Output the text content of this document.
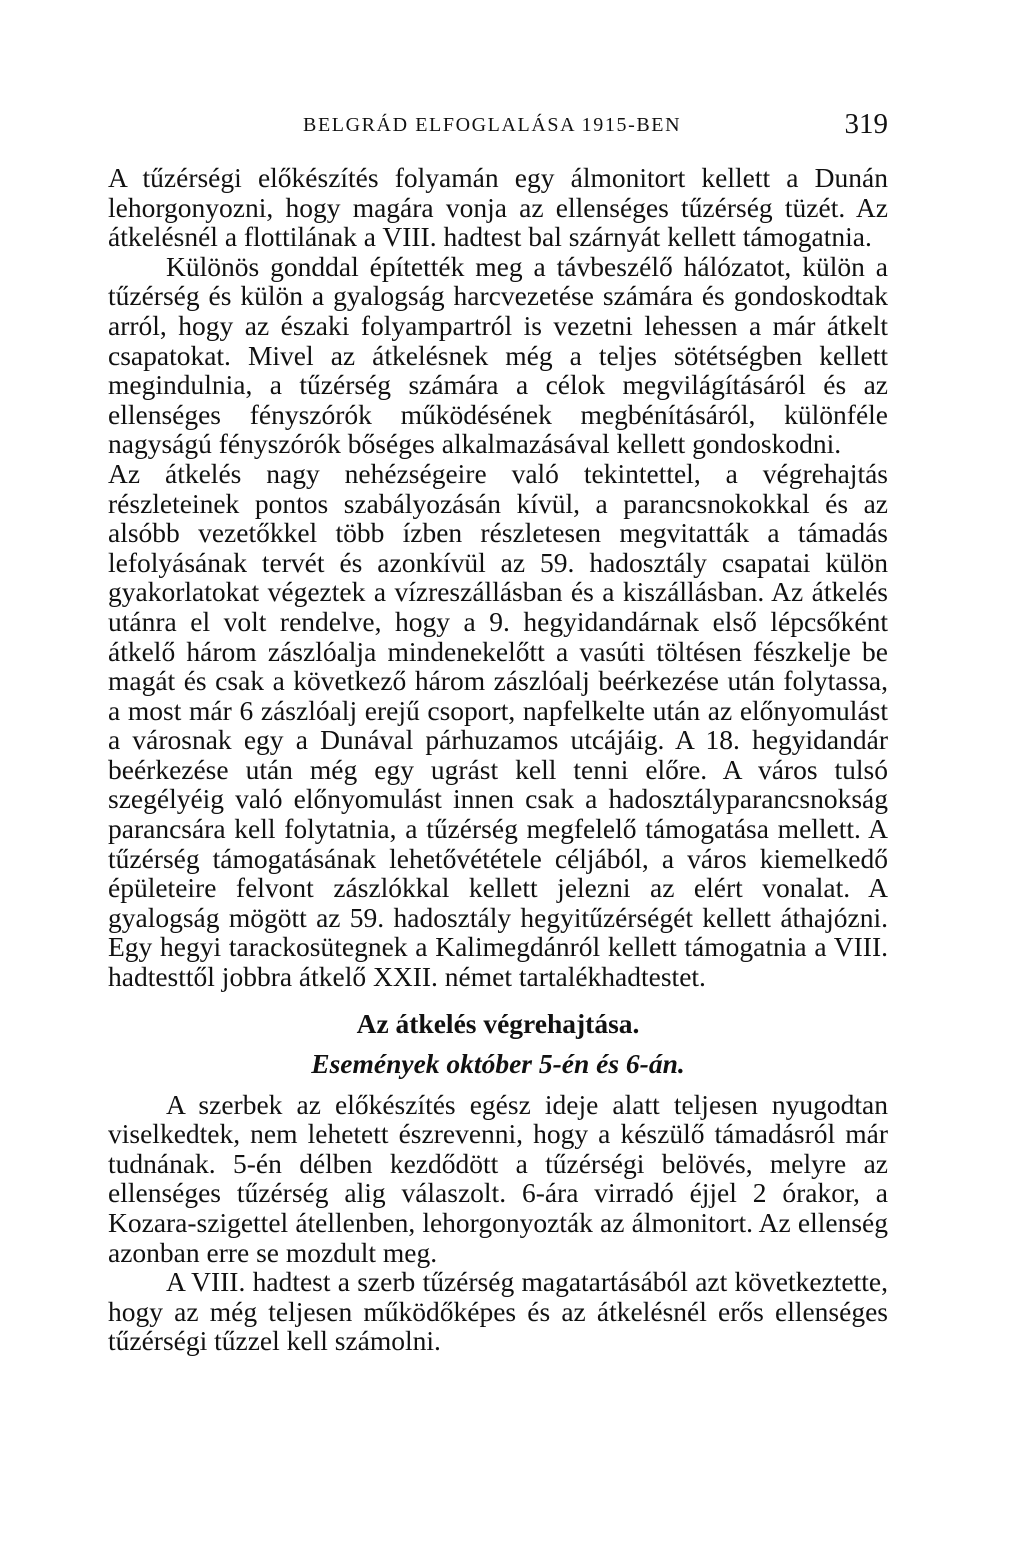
BELGRÁD ELFOGLALÁSA 1915-BEN	319

A tűzérségi előkészítés folyamán egy álmonitort kellett a Dunán lehorgonyozni, hogy magára vonja az ellenséges tűzérség tüzét. Az átkelésnél a flottilának a VIII. hadtest bal szárnyát kellett támogatnia.

Különös gonddal építették meg a távbeszélő hálózatot, külön a tűzérség és külön a gyalogság harcvezetése számára és gondoskodtak arról, hogy az északi folyampartról is vezetni lehessen a már átkelt csapatokat. Mivel az átkelésnek még a teljes sötétségben kellett megindulnia, a tűzérség számára a célok megvilágításáról és az ellenséges fényszórók működésének megbénításáról, különféle nagyságú fényszórók bőséges alkalmazásával kellett gondoskodni.

Az átkelés nagy nehézségeire való tekintettel, a végrehajtás részleteinek pontos szabályozásán kívül, a parancsnokokkal és az alsóbb vezetőkkel több ízben részletesen megvitatták a támadás lefolyásának tervét és azonkívül az 59. hadosztály csapatai külön gyakorlatokat végeztek a vízreszállásban és a kiszállásban. Az átkelés utánra el volt rendelve, hogy a 9. hegyidandárnak első lépcsőként átkelő három zászlóalja mindenekelőtt a vasúti töltésen fészkelje be magát és csak a következő három zászlóalj beérkezése után folytassa, a most már 6 zászlóalj erejű csoport, napfelkelte után az előnyomulást a városnak egy a Dunával párhuzamos utcájáig. A 18. hegyidandár beérkezése után még egy ugrást kell tenni előre. A város tulsó szegélyéig való előnyomulást innen csak a hadosztályparancsnokság parancsára kell folytatnia, a tűzérség megfelelő támogatása mellett. A tűzérség támogatásának lehetővététele céljából, a város kiemelkedő épületeire felvont zászlókkal kellett jelezni az elért vonalat. A gyalogság mögött az 59. hadosztály hegyitűzérségét kellett áthajózni. Egy hegyi tarackosütegnek a Kalimegdánról kellett támogatnia a VIII. hadtesttől jobbra átkelő XXII. német tartalékhadtestet.

Az átkelés végrehajtása.
Események október 5-én és 6-án.

A szerbek az előkészítés egész ideje alatt teljesen nyugodtan viselkedtek, nem lehetett észrevenni, hogy a készülő támadásról már tudnának. 5-én délben kezdődött a tűzérségi belövés, melyre az ellenséges tűzérség alig válaszolt. 6-ára virradó éjjel 2 órakor, a Kozara-szigettel átellenben, lehorgonyozták az álmonitort. Az ellenség azonban erre se mozdult meg.

A VIII. hadtest a szerb tűzérség magatartásából azt következtette, hogy az még teljesen működőképes és az átkelésnél erős ellenséges tűzérségi tűzzel kell számolni.
